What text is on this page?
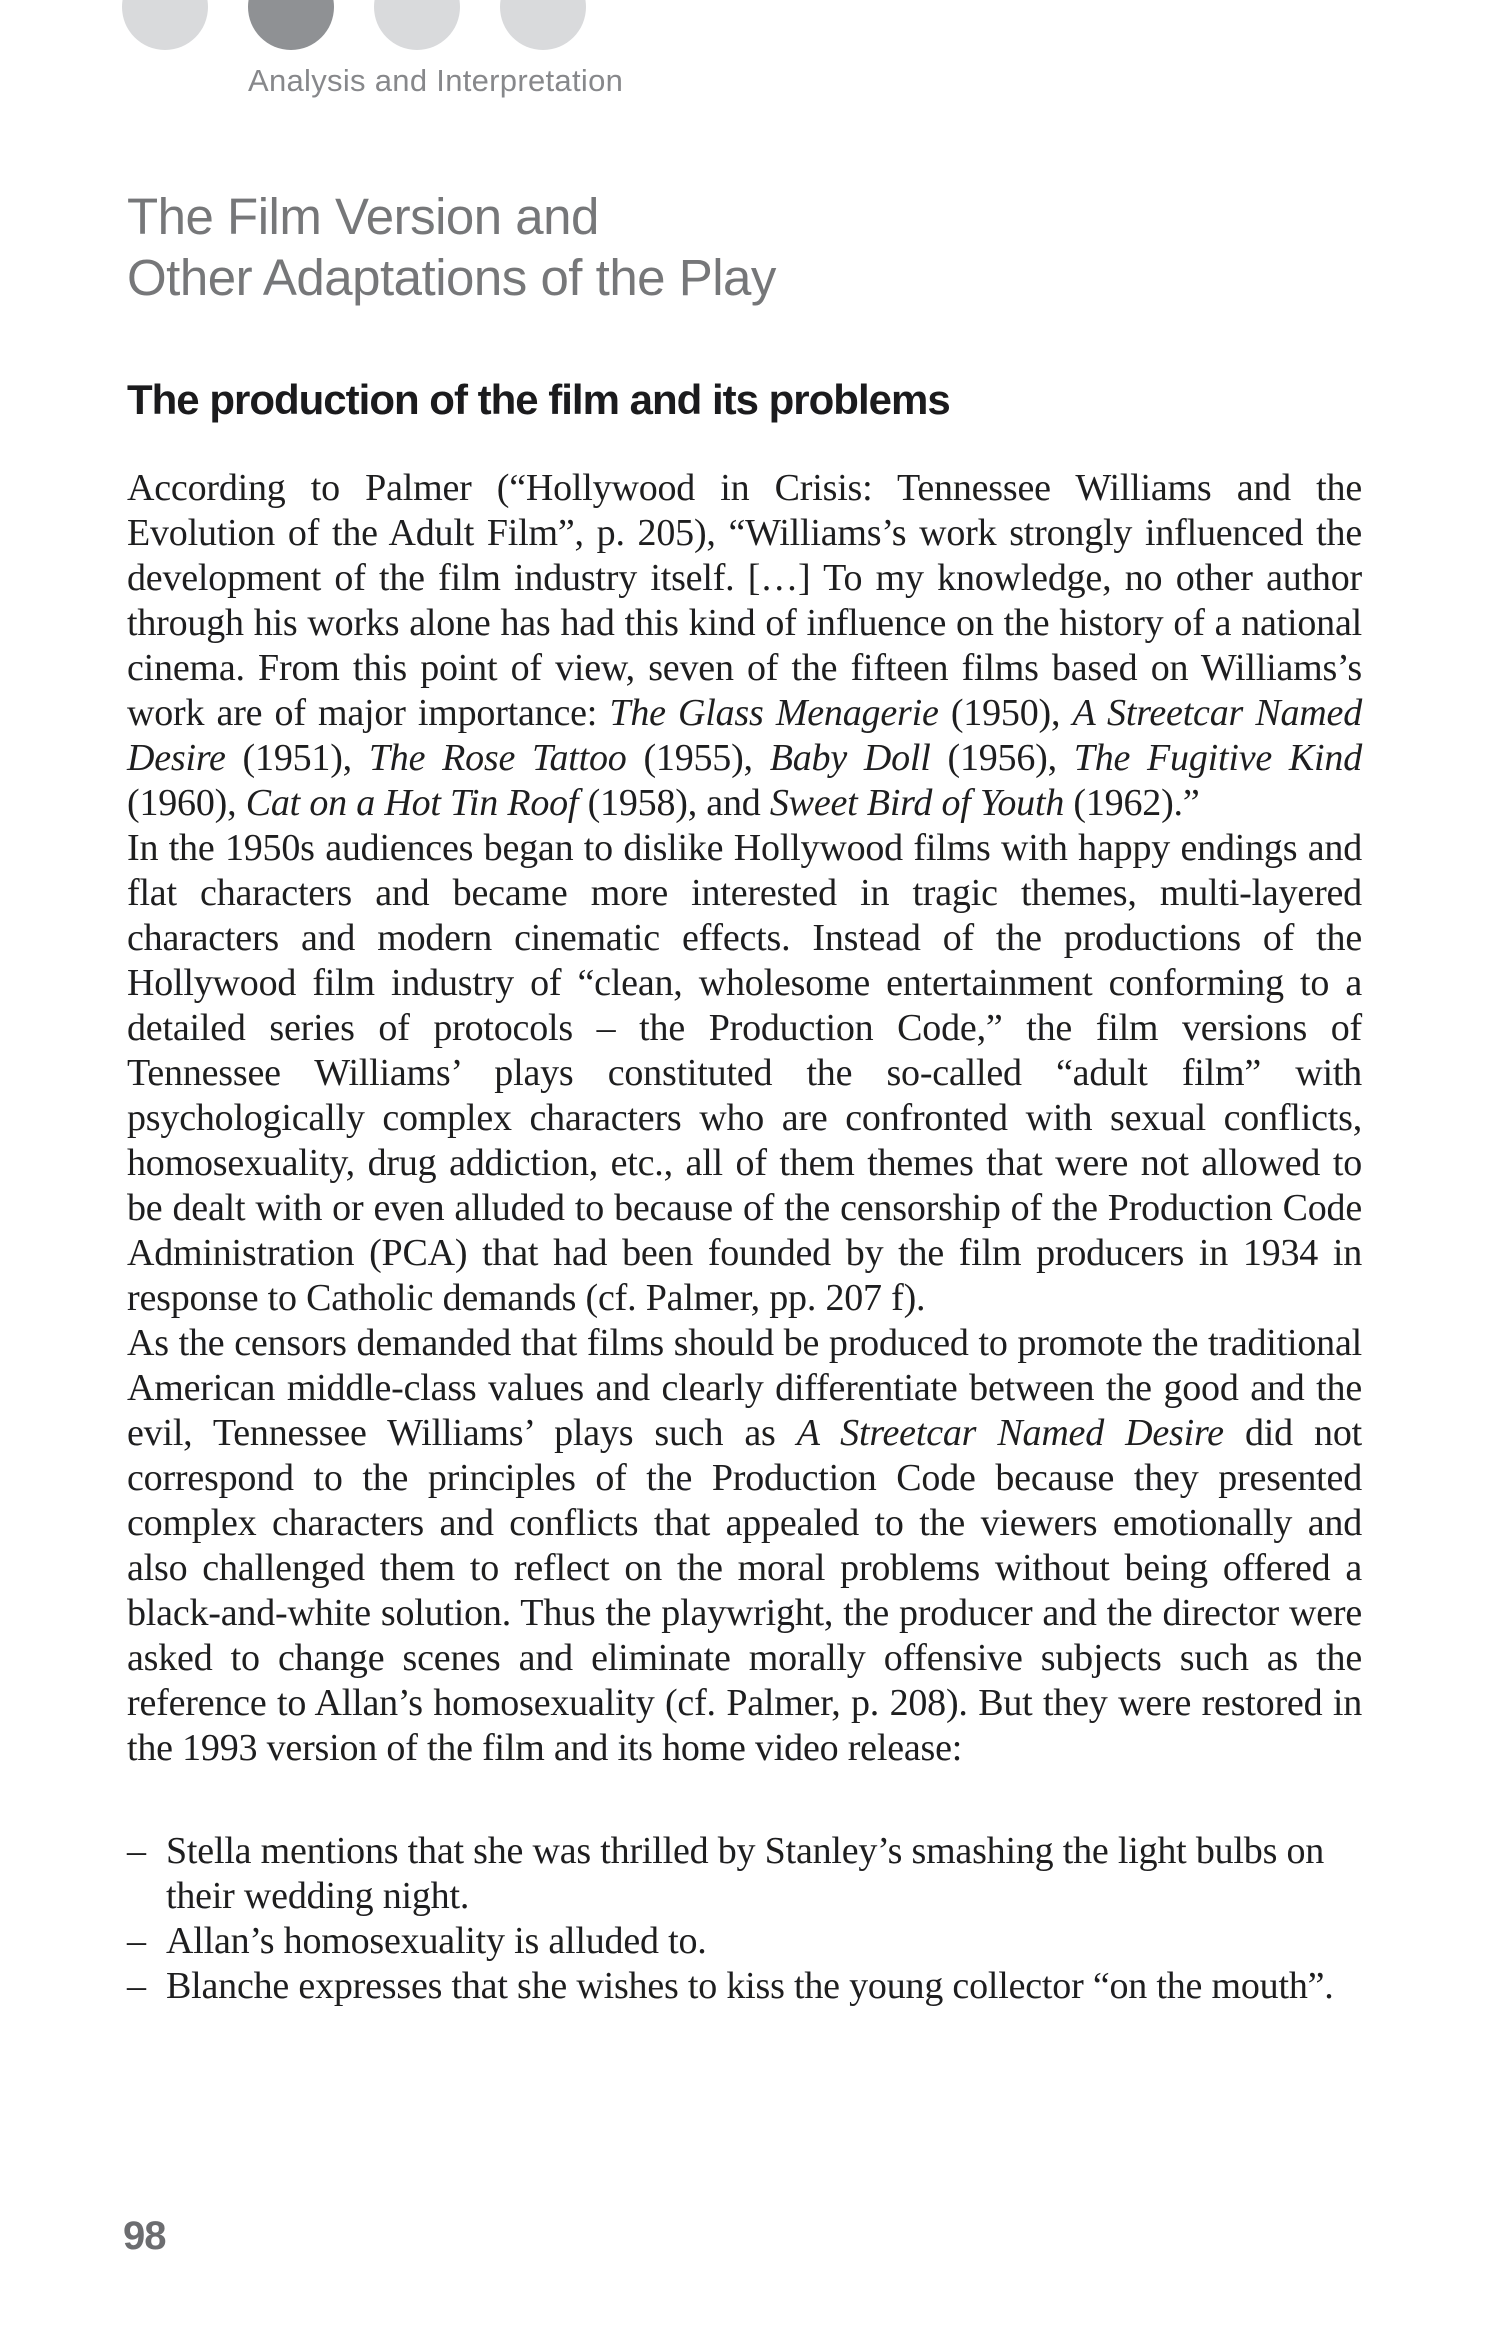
Analysis and Interpretation
The Film Version and
Other Adaptations of the Play
The production of the film and its problems

According to Palmer (“Hollywood in Crisis: Tennessee Williams and the Evolution of the Adult Film”, p. 205), “Williams’s work strongly influenced the development of the film industry itself. […] To my knowledge, no other author through his works alone has had this kind of influence on the history of a national cinema. From this point of view, seven of the fifteen films based on Williams’s work are of major importance: The Glass Menagerie (1950), A Streetcar Named Desire (1951), The Rose Tattoo (1955), Baby Doll (1956), The Fugitive Kind (1960), Cat on a Hot Tin Roof (1958), and Sweet Bird of Youth (1962).”

In the 1950s audiences began to dislike Hollywood films with happy endings and flat characters and became more interested in tragic themes, multi-layered characters and modern cinematic effects. Instead of the productions of the Hollywood film industry of “clean, wholesome entertainment conforming to a detailed series of protocols – the Production Code,” the film versions of Tennessee Williams’ plays constituted the so-called “adult film” with psychologically complex characters who are confronted with sexual conflicts, homosexuality, drug addiction, etc., all of them themes that were not allowed to be dealt with or even alluded to because of the censorship of the Production Code Administration (PCA) that had been founded by the film producers in 1934 in response to Catholic demands (cf. Palmer, pp. 207 f).

As the censors demanded that films should be produced to promote the traditional American middle-class values and clearly differentiate between the good and the evil, Tennessee Williams’ plays such as A Streetcar Named Desire did not correspond to the principles of the Production Code because they presented complex characters and conflicts that appealed to the viewers emotionally and also challenged them to reflect on the moral problems without being offered a black-and-white solution. Thus the playwright, the producer and the director were asked to change scenes and eliminate morally offensive subjects such as the reference to Allan’s homosexuality (cf. Palmer, p. 208). But they were restored in the 1993 version of the film and its home video release:

– Stella mentions that she was thrilled by Stanley’s smashing the light bulbs on their wedding night.
– Allan’s homosexuality is alluded to.
– Blanche expresses that she wishes to kiss the young collector “on the mouth”.
98
